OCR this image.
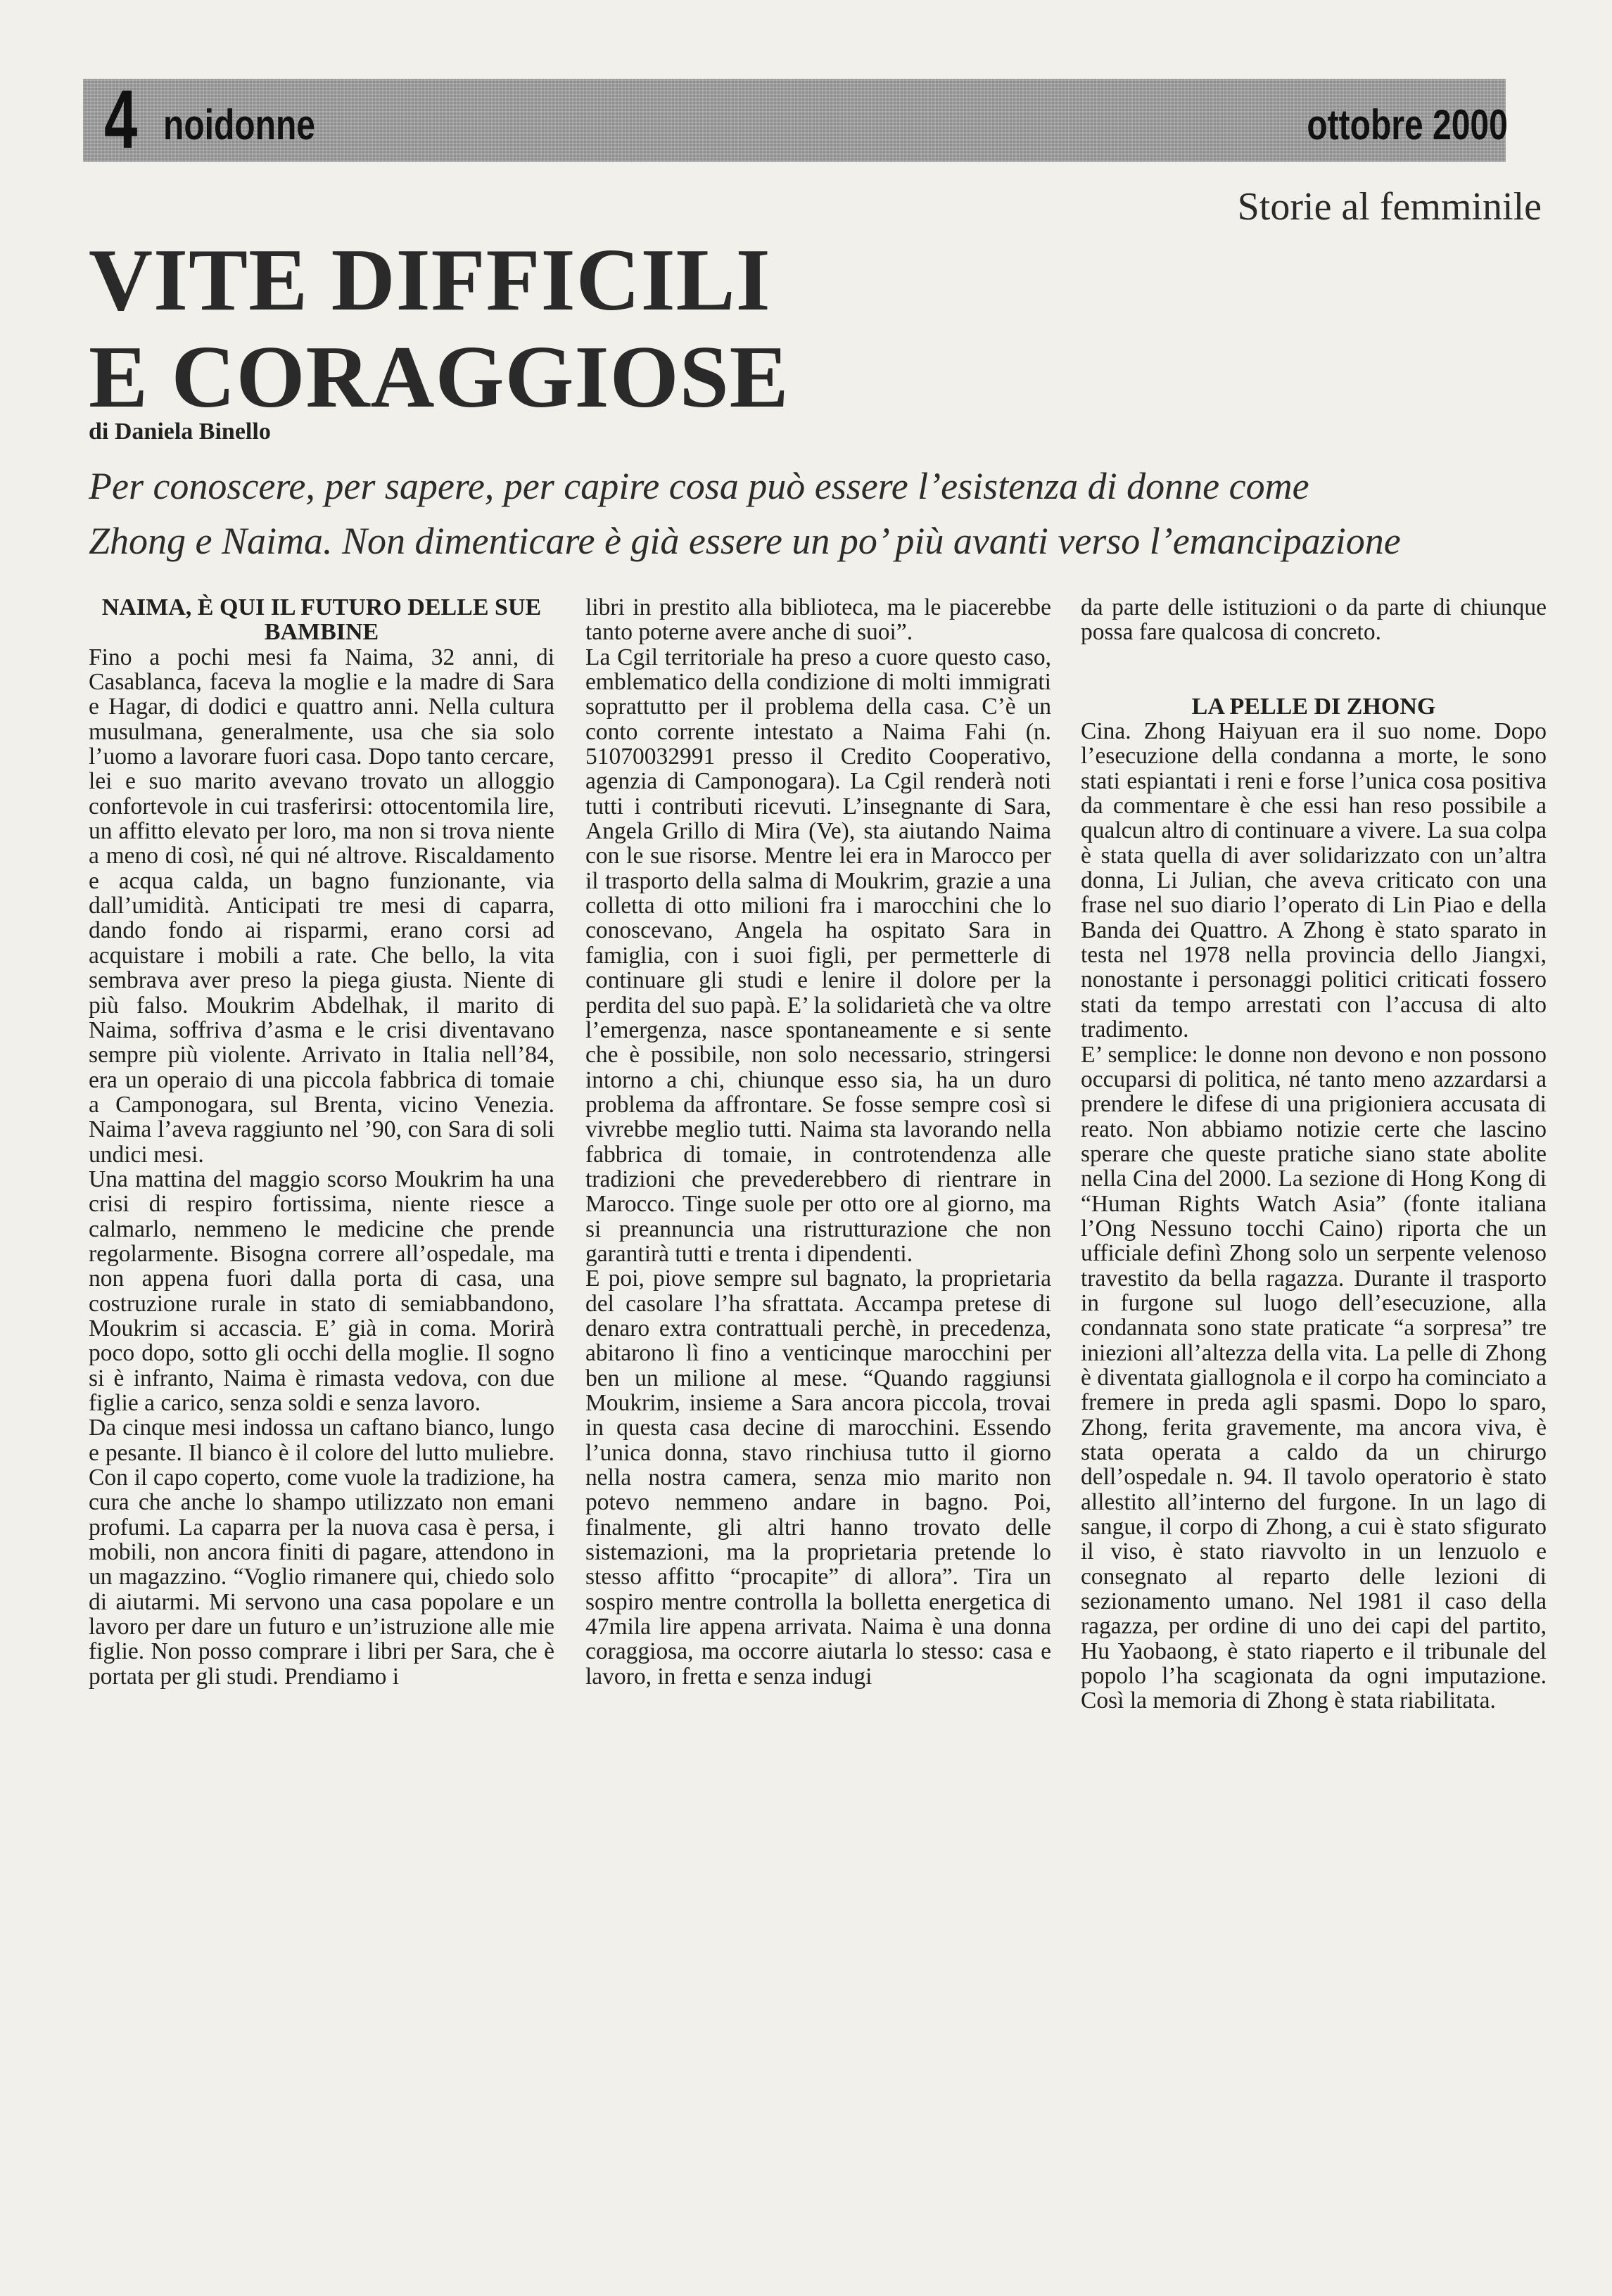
4 noidonne	ottobre 2000
Storie al femminile
VITE DIFFICILI
E CORAGGIOSE
di Daniela Binello

Per conoscere, per sapere, per capire cosa può essere l’esistenza di donne come
Zhong e Naima. Non dimenticare è già essere un po’ più avanti verso l’emancipazione

NAIMA, È QUI IL FUTURO DELLE SUE BAMBINE

Fino a pochi mesi fa Naima, 32 anni, di Casablanca, faceva la moglie e la madre di Sara e Hagar, di dodici e quattro anni. Nella cultura musulmana, generalmente, usa che sia solo l’uomo a lavorare fuori casa. Dopo tanto cercare, lei e suo marito avevano trovato un alloggio confortevole in cui trasferirsi: ottocentomila lire, un affitto elevato per loro, ma non si trova niente a meno di così, né qui né altrove. Riscaldamento e acqua calda, un bagno funzionante, via dall’umidità. Anticipati tre mesi di caparra, dando fondo ai risparmi, erano corsi ad acquistare i mobili a rate. Che bello, la vita sembrava aver preso la piega giusta. Niente di più falso. Moukrim Abdelhak, il marito di Naima, soffriva d’asma e le crisi diventavano sempre più violente. Arrivato in Italia nell’84, era un operaio di una piccola fabbrica di tomaie a Camponogara, sul Brenta, vicino Venezia. Naima l’aveva raggiunto nel ’90, con Sara di soli undici mesi.

Una mattina del maggio scorso Moukrim ha una crisi di respiro fortissima, niente riesce a calmarlo, nemmeno le medicine che prende regolarmente. Bisogna correre all’ospedale, ma non appena fuori dalla porta di casa, una costruzione rurale in stato di semiabbandono, Moukrim si accascia. E’ già in coma. Morirà poco dopo, sotto gli occhi della moglie. Il sogno si è infranto, Naima è rimasta vedova, con due figlie a carico, senza soldi e senza lavoro.

Da cinque mesi indossa un caftano bianco, lungo e pesante. Il bianco è il colore del lutto muliebre. Con il capo coperto, come vuole la tradizione, ha cura che anche lo shampo utilizzato non emani profumi. La caparra per la nuova casa è persa, i mobili, non ancora finiti di pagare, attendono in un magazzino. “Voglio rimanere qui, chiedo solo di aiutarmi. Mi servono una casa popolare e un lavoro per dare un futuro e un’istruzione alle mie figlie. Non posso comprare i libri per Sara, che è portata per gli studi. Prendiamo i

libri in prestito alla biblioteca, ma le piacerebbe tanto poterne avere anche di suoi”.

La Cgil territoriale ha preso a cuore questo caso, emblematico della condizione di molti immigrati soprattutto per il problema della casa. C’è un conto corrente intestato a Naima Fahi (n. 51070032991 presso il Credito Cooperativo, agenzia di Camponogara). La Cgil renderà noti tutti i contributi ricevuti. L’insegnante di Sara, Angela Grillo di Mira (Ve), sta aiutando Naima con le sue risorse. Mentre lei era in Marocco per il trasporto della salma di Moukrim, grazie a una colletta di otto milioni fra i marocchini che lo conoscevano, Angela ha ospitato Sara in famiglia, con i suoi figli, per permetterle di continuare gli studi e lenire il dolore per la perdita del suo papà. E’ la solidarietà che va oltre l’emergenza, nasce spontaneamente e si sente che è possibile, non solo necessario, stringersi intorno a chi, chiunque esso sia, ha un duro problema da affrontare. Se fosse sempre così si vivrebbe meglio tutti. Naima sta lavorando nella fabbrica di tomaie, in controtendenza alle tradizioni che prevederebbero di rientrare in Marocco. Tinge suole per otto ore al giorno, ma si preannuncia una ristrutturazione che non garantirà tutti e trenta i dipendenti.

E poi, piove sempre sul bagnato, la proprietaria del casolare l’ha sfrattata. Accampa pretese di denaro extra contrattuali perchè, in precedenza, abitarono lì fino a venticinque marocchini per ben un milione al mese. “Quando raggiunsi Moukrim, insieme a Sara ancora piccola, trovai in questa casa decine di marocchini. Essendo l’unica donna, stavo rinchiusa tutto il giorno nella nostra camera, senza mio marito non potevo nemmeno andare in bagno. Poi, finalmente, gli altri hanno trovato delle sistemazioni, ma la proprietaria pretende lo stesso affitto “procapite” di allora”. Tira un sospiro mentre controlla la bolletta energetica di 47mila lire appena arrivata. Naima è una donna coraggiosa, ma occorre aiutarla lo stesso: casa e lavoro, in fretta e senza indugi

da parte delle istituzioni o da parte di chiunque possa fare qualcosa di concreto.

LA PELLE DI ZHONG

Cina. Zhong Haiyuan era il suo nome. Dopo l’esecuzione della condanna a morte, le sono stati espiantati i reni e forse l’unica cosa positiva da commentare è che essi han reso possibile a qualcun altro di continuare a vivere. La sua colpa è stata quella di aver solidarizzato con un’altra donna, Li Julian, che aveva criticato con una frase nel suo diario l’operato di Lin Piao e della Banda dei Quattro. A Zhong è stato sparato in testa nel 1978 nella provincia dello Jiangxi, nonostante i personaggi politici criticati fossero stati da tempo arrestati con l’accusa di alto tradimento.

E’ semplice: le donne non devono e non possono occuparsi di politica, né tanto meno azzardarsi a prendere le difese di una prigioniera accusata di reato. Non abbiamo notizie certe che lascino sperare che queste pratiche siano state abolite nella Cina del 2000. La sezione di Hong Kong di “Human Rights Watch Asia” (fonte italiana l’Ong Nessuno tocchi Caino) riporta che un ufficiale definì Zhong solo un serpente velenoso travestito da bella ragazza. Durante il trasporto in furgone sul luogo dell’esecuzione, alla condannata sono state praticate “a sorpresa” tre iniezioni all’altezza della vita. La pelle di Zhong è diventata giallognola e il corpo ha cominciato a fremere in preda agli spasmi. Dopo lo sparo, Zhong, ferita gravemente, ma ancora viva, è stata operata a caldo da un chirurgo dell’ospedale n. 94. Il tavolo operatorio è stato allestito all’interno del furgone. In un lago di sangue, il corpo di Zhong, a cui è stato sfigurato il viso, è stato riavvolto in un lenzuolo e consegnato al reparto delle lezioni di sezionamento umano. Nel 1981 il caso della ragazza, per ordine di uno dei capi del partito, Hu Yaobaong, è stato riaperto e il tribunale del popolo l’ha scagionata da ogni imputazione. Così la memoria di Zhong è stata riabilitata.
